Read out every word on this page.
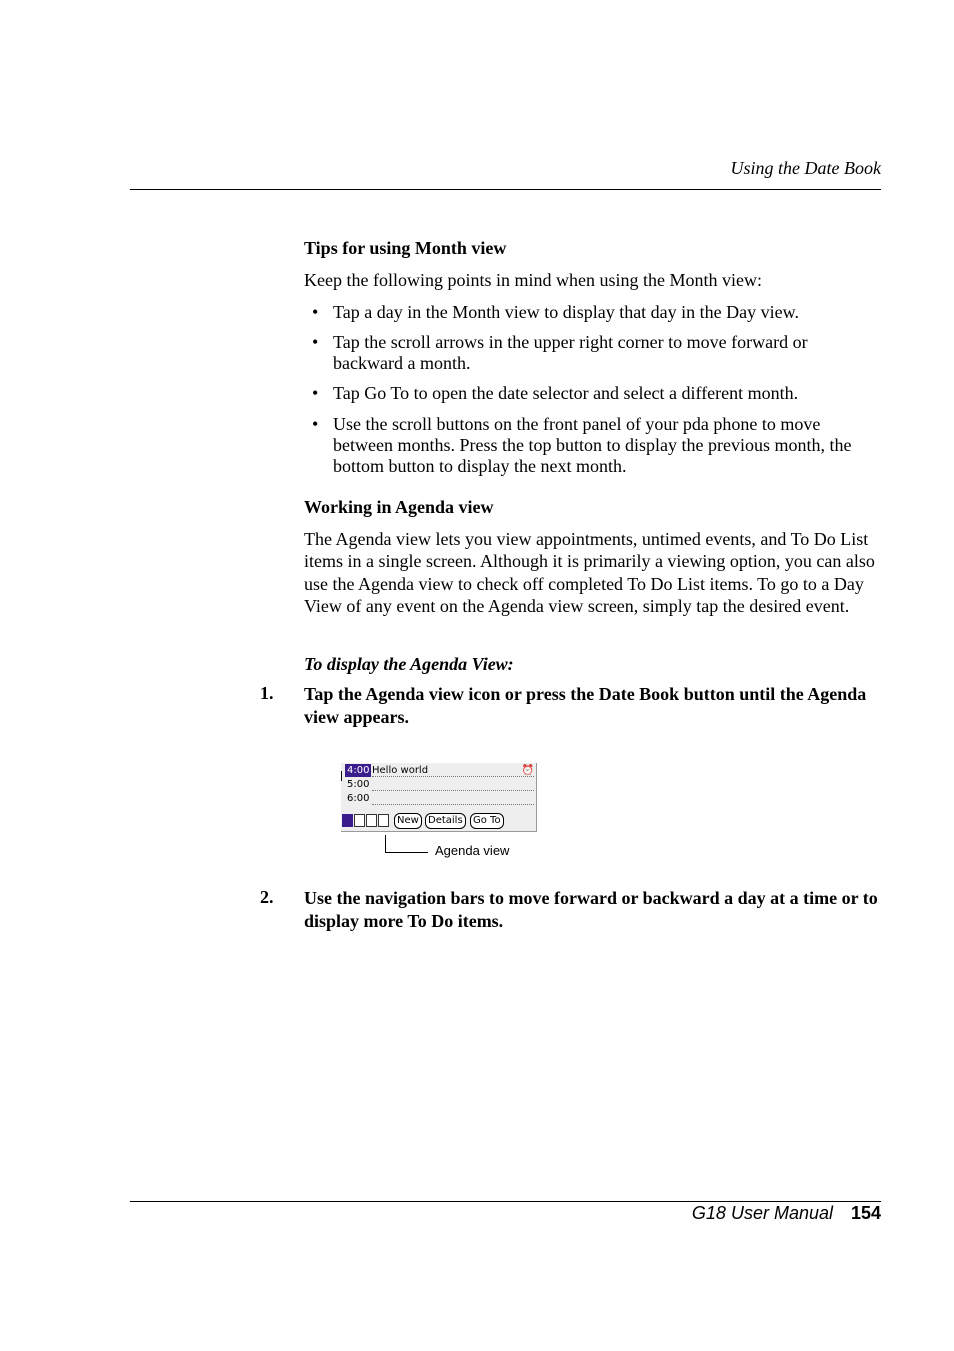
Using the Date Book
Tips for using Month view
Keep the following points in mind when using the Month view:
• Tap a day in the Month view to display that day in the Day view.
• Tap the scroll arrows in the upper right corner to move forward or backward a month.
• Tap Go To to open the date selector and select a different month.
• Use the scroll buttons on the front panel of your pda phone to move between months. Press the top button to display the previous month, the bottom button to display the next month.
Working in Agenda view
The Agenda view lets you view appointments, untimed events, and To Do List items in a single screen. Although it is primarily a viewing option, you can also use the Agenda view to check off completed To Do List items. To go to a Day View of any event on the Agenda view screen, simply tap the desired event.
To display the Agenda View:
1. Tap the Agenda view icon or press the Date Book button until the Agenda view appears.
4:00 Hello world	⏰
5:00
6:00
New Details	Go To
Agenda view
2. Use the navigation bars to move forward or backward a day at a time or to display more To Do items.
G18 User Manual 154
